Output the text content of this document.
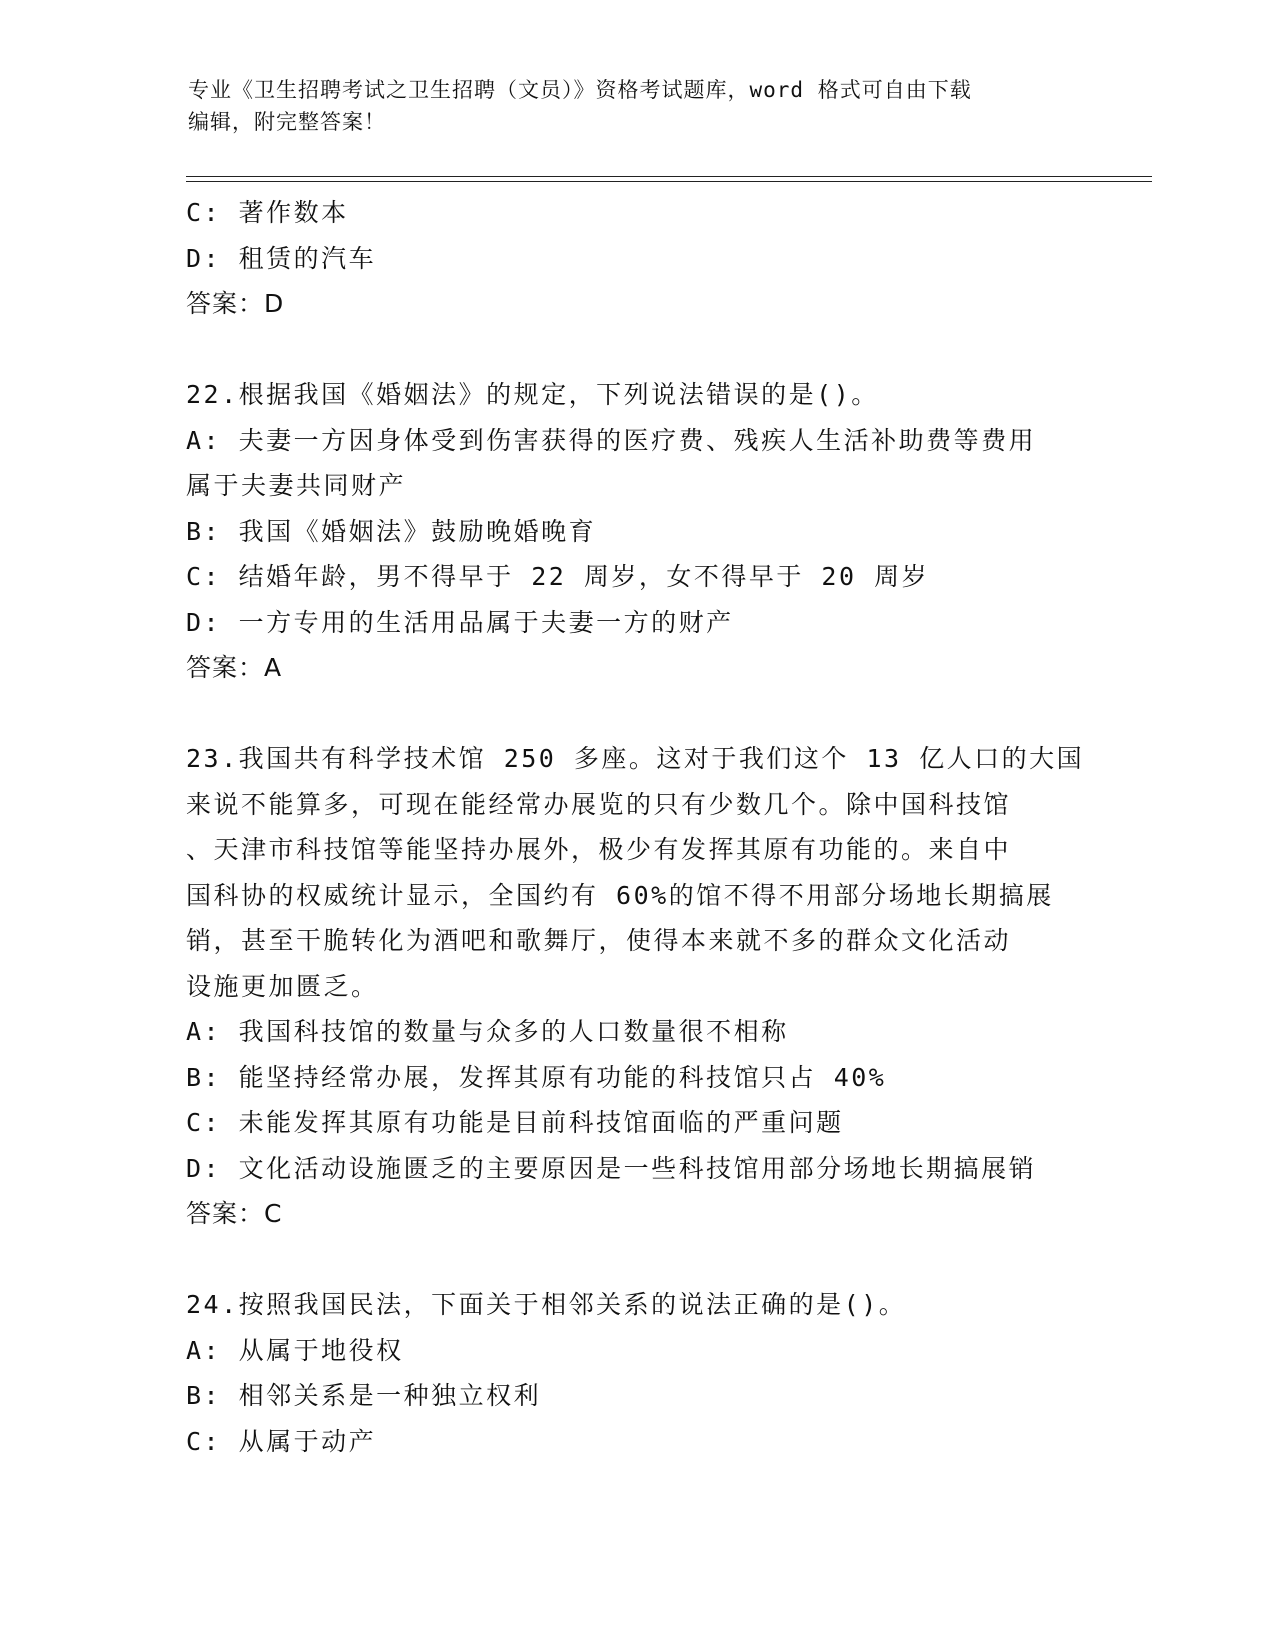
专业《卫生招聘考试之卫生招聘（文员）》资格考试题库，word 格式可自由下载
编辑，附完整答案！
C: 著作数本
D: 租赁的汽车
答案：D
22.根据我国《婚姻法》的规定，下列说法错误的是()。
A: 夫妻一方因身体受到伤害获得的医疗费、残疾人生活补助费等费用
属于夫妻共同财产
B: 我国《婚姻法》鼓励晚婚晚育
C: 结婚年龄，男不得早于 22 周岁，女不得早于 20 周岁
D: 一方专用的生活用品属于夫妻一方的财产
答案：A
23.我国共有科学技术馆 250 多座。这对于我们这个 13 亿人口的大国
来说不能算多，可现在能经常办展览的只有少数几个。除中国科技馆
、天津市科技馆等能坚持办展外，极少有发挥其原有功能的。来自中
国科协的权威统计显示，全国约有 60%的馆不得不用部分场地长期搞展
销，甚至干脆转化为酒吧和歌舞厅，使得本来就不多的群众文化活动
设施更加匮乏。
A: 我国科技馆的数量与众多的人口数量很不相称
B: 能坚持经常办展，发挥其原有功能的科技馆只占 40%
C: 未能发挥其原有功能是目前科技馆面临的严重问题
D: 文化活动设施匮乏的主要原因是一些科技馆用部分场地长期搞展销
答案：C
24.按照我国民法，下面关于相邻关系的说法正确的是()。
A: 从属于地役权
B: 相邻关系是一种独立权利
C: 从属于动产
